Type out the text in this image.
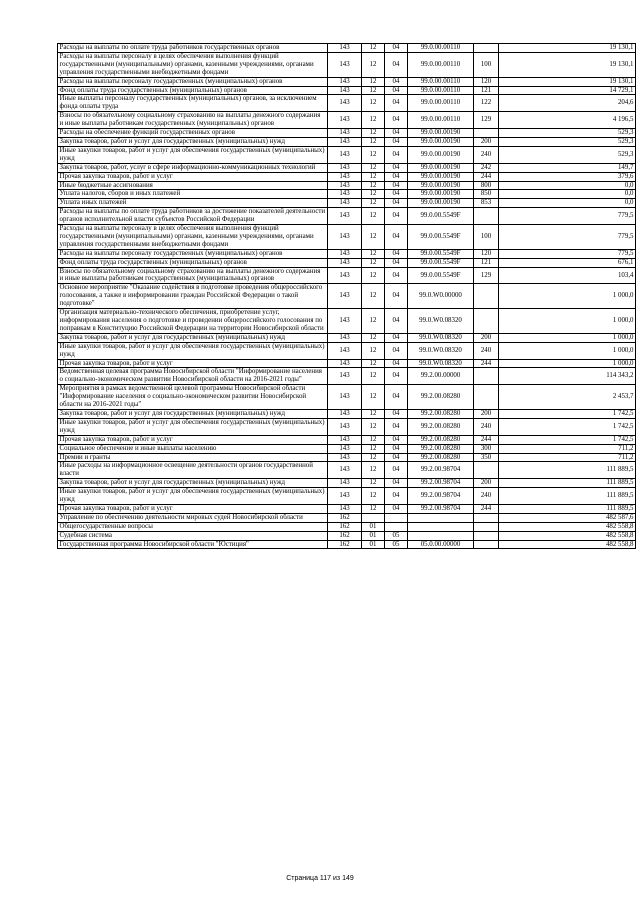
Расходы на выплаты по оплате труда работников государственных органов	143	12	04	99.0.00.00110		19 130,1
Расходы на выплаты персоналу в целях обеспечения выполнения функций государственными (муниципальными) органами, казенными учреждениями, органами управления государственными внебюджетными фондами	143	12	04	99.0.00.00110	100	19 130,1
Расходы на выплаты персоналу государственных (муниципальных) органов	143	12	04	99.0.00.00110	120	19 130,1
Фонд оплаты труда государственных (муниципальных) органов	143	12	04	99.0.00.00110	121	14 729,1
Иные выплаты персоналу государственных (муниципальных) органов, за исключением фонда оплаты труда	143	12	04	99.0.00.00110	122	204,6
Взносы по обязательному социальному страхованию на выплаты денежного содержания и иные выплаты работникам государственных (муниципальных) органов	143	12	04	99.0.00.00110	129	4 196,5
Расходы на обеспечение функций государственных органов	143	12	04	99.0.00.00190		529,3
Закупка товаров, работ и услуг для государственных (муниципальных) нужд	143	12	04	99.0.00.00190	200	529,3
Иные закупки товаров, работ и услуг для обеспечения государственных (муниципальных) нужд	143	12	04	99.0.00.00190	240	529,3
Закупка товаров, работ, услуг в сфере информационно-коммуникационных технологий	143	12	04	99.0.00.00190	242	149,7
Прочая закупка товаров, работ и услуг	143	12	04	99.0.00.00190	244	379,6
Иные бюджетные ассигнования	143	12	04	99.0.00.00190	800	0,0
Уплата налогов, сборов и иных платежей	143	12	04	99.0.00.00190	850	0,0
Уплата иных платежей	143	12	04	99.0.00.00190	853	0,0
Расходы на выплаты по оплате труда работников за достижение показателей деятельности органов исполнительной власти субъектов Российской Федерации	143	12	04	99.0.00.5549F		779,5
Расходы на выплаты персоналу в целях обеспечения выполнения функций государственными (муниципальными) органами, казенными учреждениями, органами управления государственными внебюджетными фондами	143	12	04	99.0.00.5549F	100	779,5
Расходы на выплаты персоналу государственных (муниципальных) органов	143	12	04	99.0.00.5549F	120	779,5
Фонд оплаты труда государственных (муниципальных) органов	143	12	04	99.0.00.5549F	121	676,1
Взносы по обязательному социальному страхованию на выплаты денежного содержания и иные выплаты работникам государственных (муниципальных) органов	143	12	04	99.0.00.5549F	129	103,4
Основное мероприятие "Оказание содействия в подготовке проведения общероссийского голосования, а также в информировании граждан Российской Федерации о такой подготовке"	143	12	04	99.0.W0.00000		1 000,0
Организация материально-технического обеспечения, приобретение услуг, информирования населения о подготовке и проведении общероссийского голосования по поправкам в Конституцию Российской Федерации на территории Новосибирской области	143	12	04	99.0.W0.08320		1 000,0
Закупка товаров, работ и услуг для государственных (муниципальных) нужд	143	12	04	99.0.W0.08320	200	1 000,0
Иные закупки товаров, работ и услуг для обеспечения государственных (муниципальных) нужд	143	12	04	99.0.W0.08320	240	1 000,0
Прочая закупка товаров, работ и услуг	143	12	04	99.0.W0.08320	244	1 000,0
Ведомственная целевая программа Новосибирской области "Информирование населения о социально-экономическом развитии Новосибирской области на 2016-2021 годы"	143	12	04	99.2.00.00000		114 343,2
Мероприятия в рамках ведомственной целевой программы Новосибирской области "Информирование населения о социально-экономическом развитии Новосибирской области на 2016-2021 годы"	143	12	04	99.2.00.08280		2 453,7
Закупка товаров, работ и услуг для государственных (муниципальных) нужд	143	12	04	99.2.00.08280	200	1 742,5
Иные закупки товаров, работ и услуг для обеспечения государственных (муниципальных) нужд	143	12	04	99.2.00.08280	240	1 742,5
Прочая закупка товаров, работ и услуг	143	12	04	99.2.00.08280	244	1 742,5
Социальное обеспечение и иные выплаты населению	143	12	04	99.2.00.08280	300	711,2
Премии и гранты	143	12	04	99.2.00.08280	350	711,2
Иные расходы на информационное освещение деятельности органов государственной власти	143	12	04	99.2.00.98704		111 889,5
Закупка товаров, работ и услуг для государственных (муниципальных) нужд	143	12	04	99.2.00.98704	200	111 889,5
Иные закупки товаров, работ и услуг для обеспечения государственных (муниципальных) нужд	143	12	04	99.2.00.98704	240	111 889,5
Прочая закупка товаров, работ и услуг	143	12	04	99.2.00.98704	244	111 889,5
Управление по обеспечению деятельности мировых судей Новосибирской области	162					482 587,6
Общегосударственные вопросы	162	01				482 558,8
Судебная система	162	01	05			482 558,8
Государственная программа Новосибирской области "Юстиция"	162	01	05	05.0.00.00000		482 558,8
Страница 117 из 149
